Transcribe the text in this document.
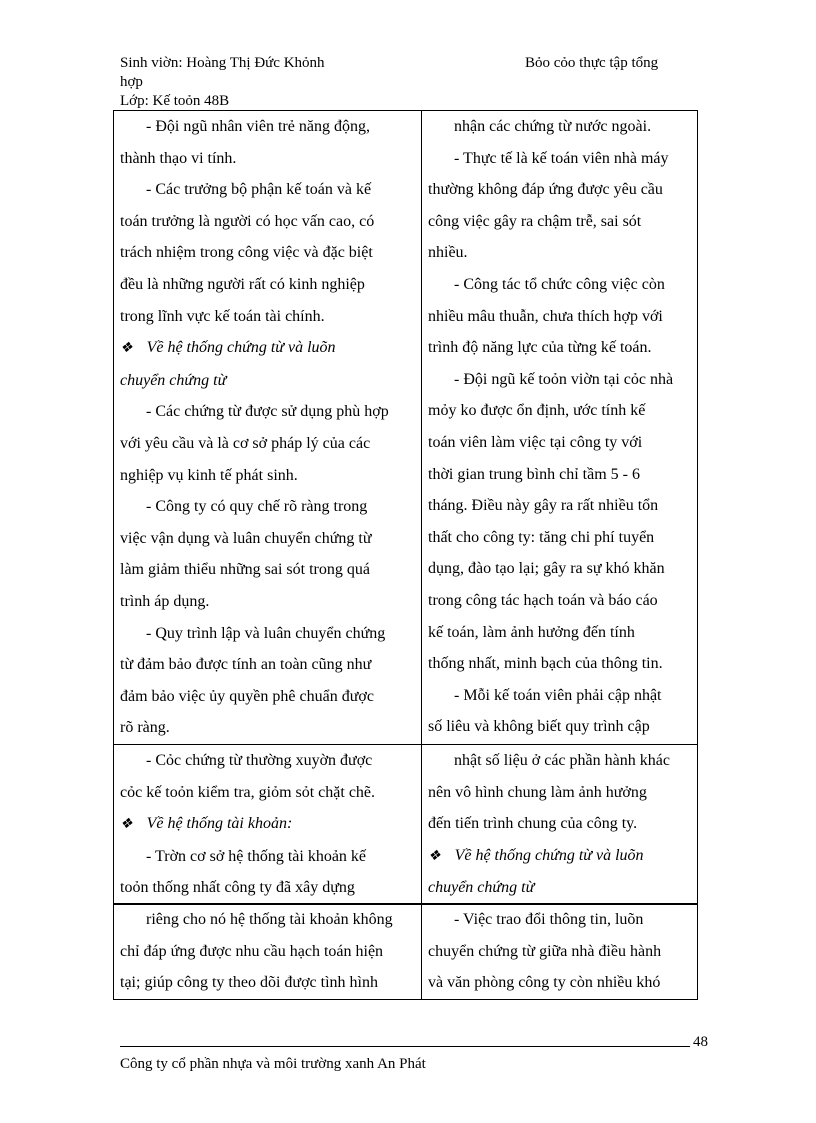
Sinh viờn: Hoàng Thị Đức Khỏnh
hợp
Bỏo cỏo thực tập tổng
Lớp: Kế toỏn 48B
- Đội ngũ nhân viên trẻ năng động,
thành thạo vi tính.
- Các trưởng bộ phận kế toán và kế
toán trưởng là người có học vấn cao, có
trách nhiệm trong công việc và đặc biệt
đều là những người rất có kinh nghiệp
trong lĩnh vực kế toán tài chính.
❖ Về hệ thống chứng từ và luõn
chuyển chứng từ
- Các chứng từ được sử dụng phù hợp
với yêu cầu và là cơ sở pháp lý của các
nghiệp vụ kinh tế phát sinh.
- Công ty có quy chế rõ ràng trong
việc vận dụng và luân chuyển chứng từ
làm giảm thiểu những sai sót trong quá
trình áp dụng.
- Quy trình lập và luân chuyển chứng
từ đảm bảo được tính an toàn cũng như
đảm bảo việc ủy quyền phê chuẩn được
rõ ràng.

nhận các chứng từ nước ngoài.
- Thực tế là kế toán viên nhà máy
thường không đáp ứng được yêu cầu
công việc gây ra chậm trễ, sai sót
nhiều.
- Công tác tổ chức công việc còn
nhiều mâu thuẫn, chưa thích hợp với
trình độ năng lực của từng kế toán.
- Đội ngũ kế toỏn viờn tại cỏc nhà
mỏy ko được ổn định, ước tính kế
toán viên làm việc tại công ty với
thời gian trung bình chỉ tầm 5 - 6
tháng. Điều này gây ra rất nhiều tổn
thất cho công ty: tăng chi phí tuyển
dụng, đào tạo lại; gây ra sự khó khăn
trong công tác hạch toán và báo cáo
kế toán, làm ảnh hưởng đến tính
thống nhất, minh bạch của thông tin.
- Mỗi kế toán viên phải cập nhật
số liêu và không biết quy trình cập
- Cỏc chứng từ thường xuyờn được
cỏc kế toỏn kiểm tra, giỏm sỏt chặt chẽ.
❖ Về hệ thống tài khoản:
- Trờn cơ sở hệ thống tài khoản kế
toỏn thống nhất công ty đã xây dựng

nhật số liệu ở các phần hành khác
nên vô hình chung làm ảnh hưởng
đến tiến trình chung của công ty.
❖ Về hệ thống chứng từ và luõn
chuyển chứng từ
riêng cho nó hệ thống tài khoản không
chỉ đáp ứng được nhu cầu hạch toán hiện
tại; giúp công ty theo dõi được tình hình

- Việc trao đổi thông tin, luõn
chuyển chứng từ giữa nhà điều hành
và văn phòng công ty còn nhiều khó
48
Công ty cổ phần nhựa và môi trường xanh An Phát
